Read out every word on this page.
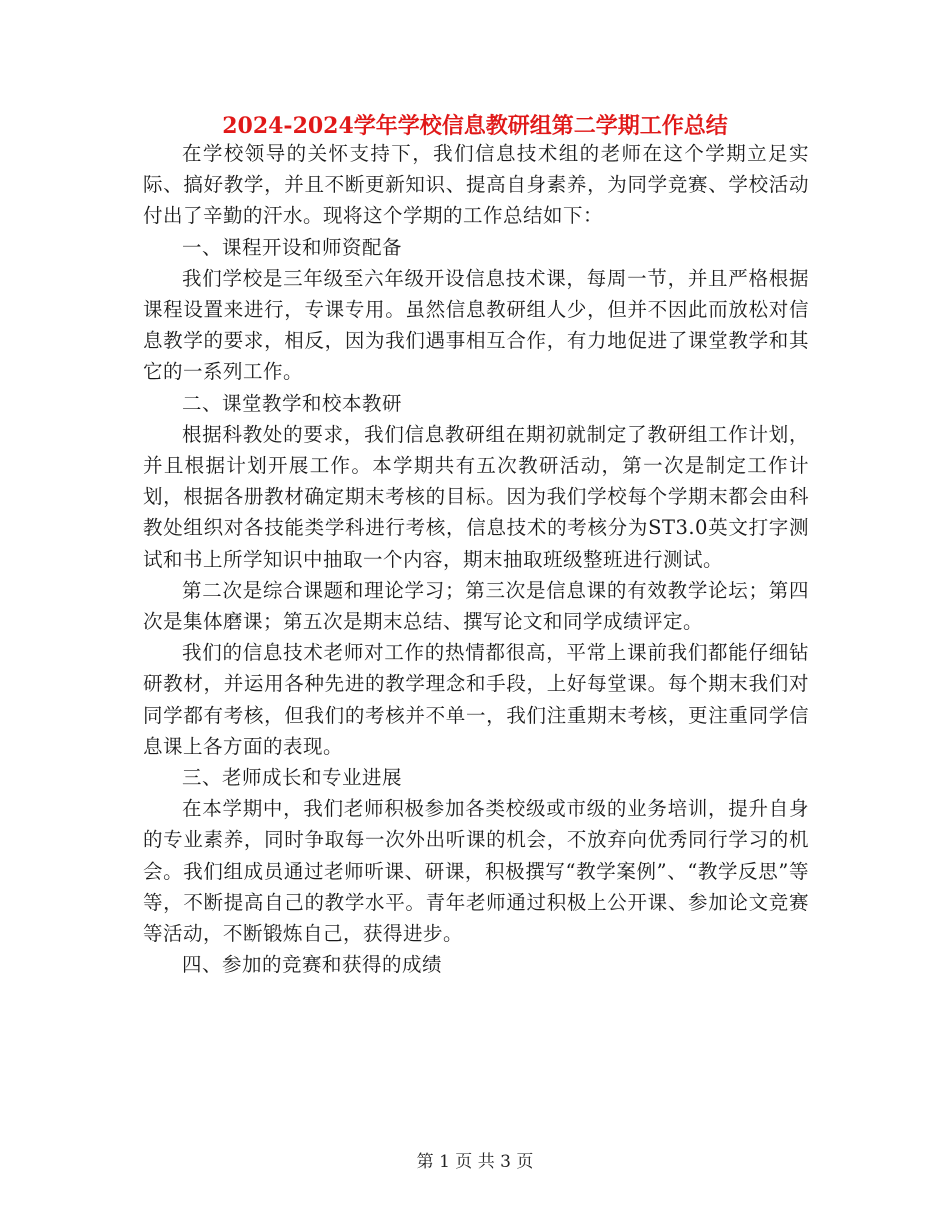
2024-2024学年学校信息教研组第二学期工作总结

在学校领导的关怀支持下，我们信息技术组的老师在这个学期立足实际、搞好教学，并且不断更新知识、提高自身素养，为同学竞赛、学校活动付出了辛勤的汗水。现将这个学期的工作总结如下：

一、课程开设和师资配备

我们学校是三年级至六年级开设信息技术课，每周一节，并且严格根据课程设置来进行，专课专用。虽然信息教研组人少，但并不因此而放松对信息教学的要求，相反，因为我们遇事相互合作，有力地促进了课堂教学和其它的一系列工作。

二、课堂教学和校本教研

根据科教处的要求，我们信息教研组在期初就制定了教研组工作计划，并且根据计划开展工作。本学期共有五次教研活动，第一次是制定工作计划，根据各册教材确定期末考核的目标。因为我们学校每个学期末都会由科教处组织对各技能类学科进行考核，信息技术的考核分为ST3.0英文打字测试和书上所学知识中抽取一个内容，期末抽取班级整班进行测试。

第二次是综合课题和理论学习；第三次是信息课的有效教学论坛；第四次是集体磨课；第五次是期末总结、撰写论文和同学成绩评定。

我们的信息技术老师对工作的热情都很高，平常上课前我们都能仔细钻研教材，并运用各种先进的教学理念和手段，上好每堂课。每个期末我们对同学都有考核，但我们的考核并不单一，我们注重期末考核，更注重同学信息课上各方面的表现。

三、老师成长和专业进展

在本学期中，我们老师积极参加各类校级或市级的业务培训，提升自身的专业素养，同时争取每一次外出听课的机会，不放弃向优秀同行学习的机会。我们组成员通过老师听课、研课，积极撰写“教学案例”、“教学反思”等等，不断提高自己的教学水平。青年老师通过积极上公开课、参加论文竞赛等活动，不断锻炼自己，获得进步。

四、参加的竞赛和获得的成绩

第 1 页 共 3 页
